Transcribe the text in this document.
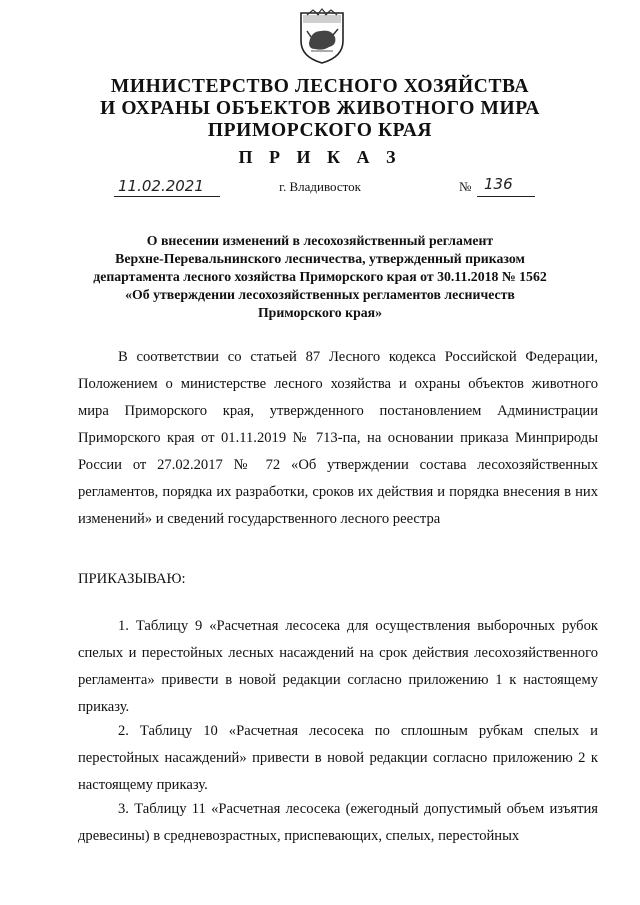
МИНИСТЕРСТВО ЛЕСНОГО ХОЗЯЙСТВА
И ОХРАНЫ ОБЪЕКТОВ ЖИВОТНОГО МИРА
ПРИМОРСКОГО КРАЯ
П Р И К А З
11.02.2021	г. Владивосток	№ 136
О внесении изменений в лесохозяйственный регламент
Верхне-Перевальнинского лесничества, утвержденный приказом
департамента лесного хозяйства Приморского края от 30.11.2018 № 1562
«Об утверждении лесохозяйственных регламентов лесничеств
Приморского края»

В соответствии со статьей 87 Лесного кодекса Российской Федерации, Положением о министерстве лесного хозяйства и охраны объектов животного мира Приморского края, утвержденного постановлением Администрации Приморского края от 01.11.2019 № 713-па, на основании приказа Минприроды России от 27.02.2017 № 72 «Об утверждении состава лесохозяйственных регламентов, порядка их разработки, сроков их действия и порядка внесения в них изменений» и сведений государственного лесного реестра

ПРИКАЗЫВАЮ:

1. Таблицу 9 «Расчетная лесосека для осуществления выборочных рубок спелых и перестойных лесных насаждений на срок действия лесохозяйственного регламента» привести в новой редакции согласно приложению 1 к настоящему приказу.

2. Таблицу 10 «Расчетная лесосека по сплошным рубкам спелых и перестойных насаждений» привести в новой редакции согласно приложению 2 к настоящему приказу.

3. Таблицу 11 «Расчетная лесосека (ежегодный допустимый объем изъятия древесины) в средневозрастных, приспевающих, спелых, перестойных
